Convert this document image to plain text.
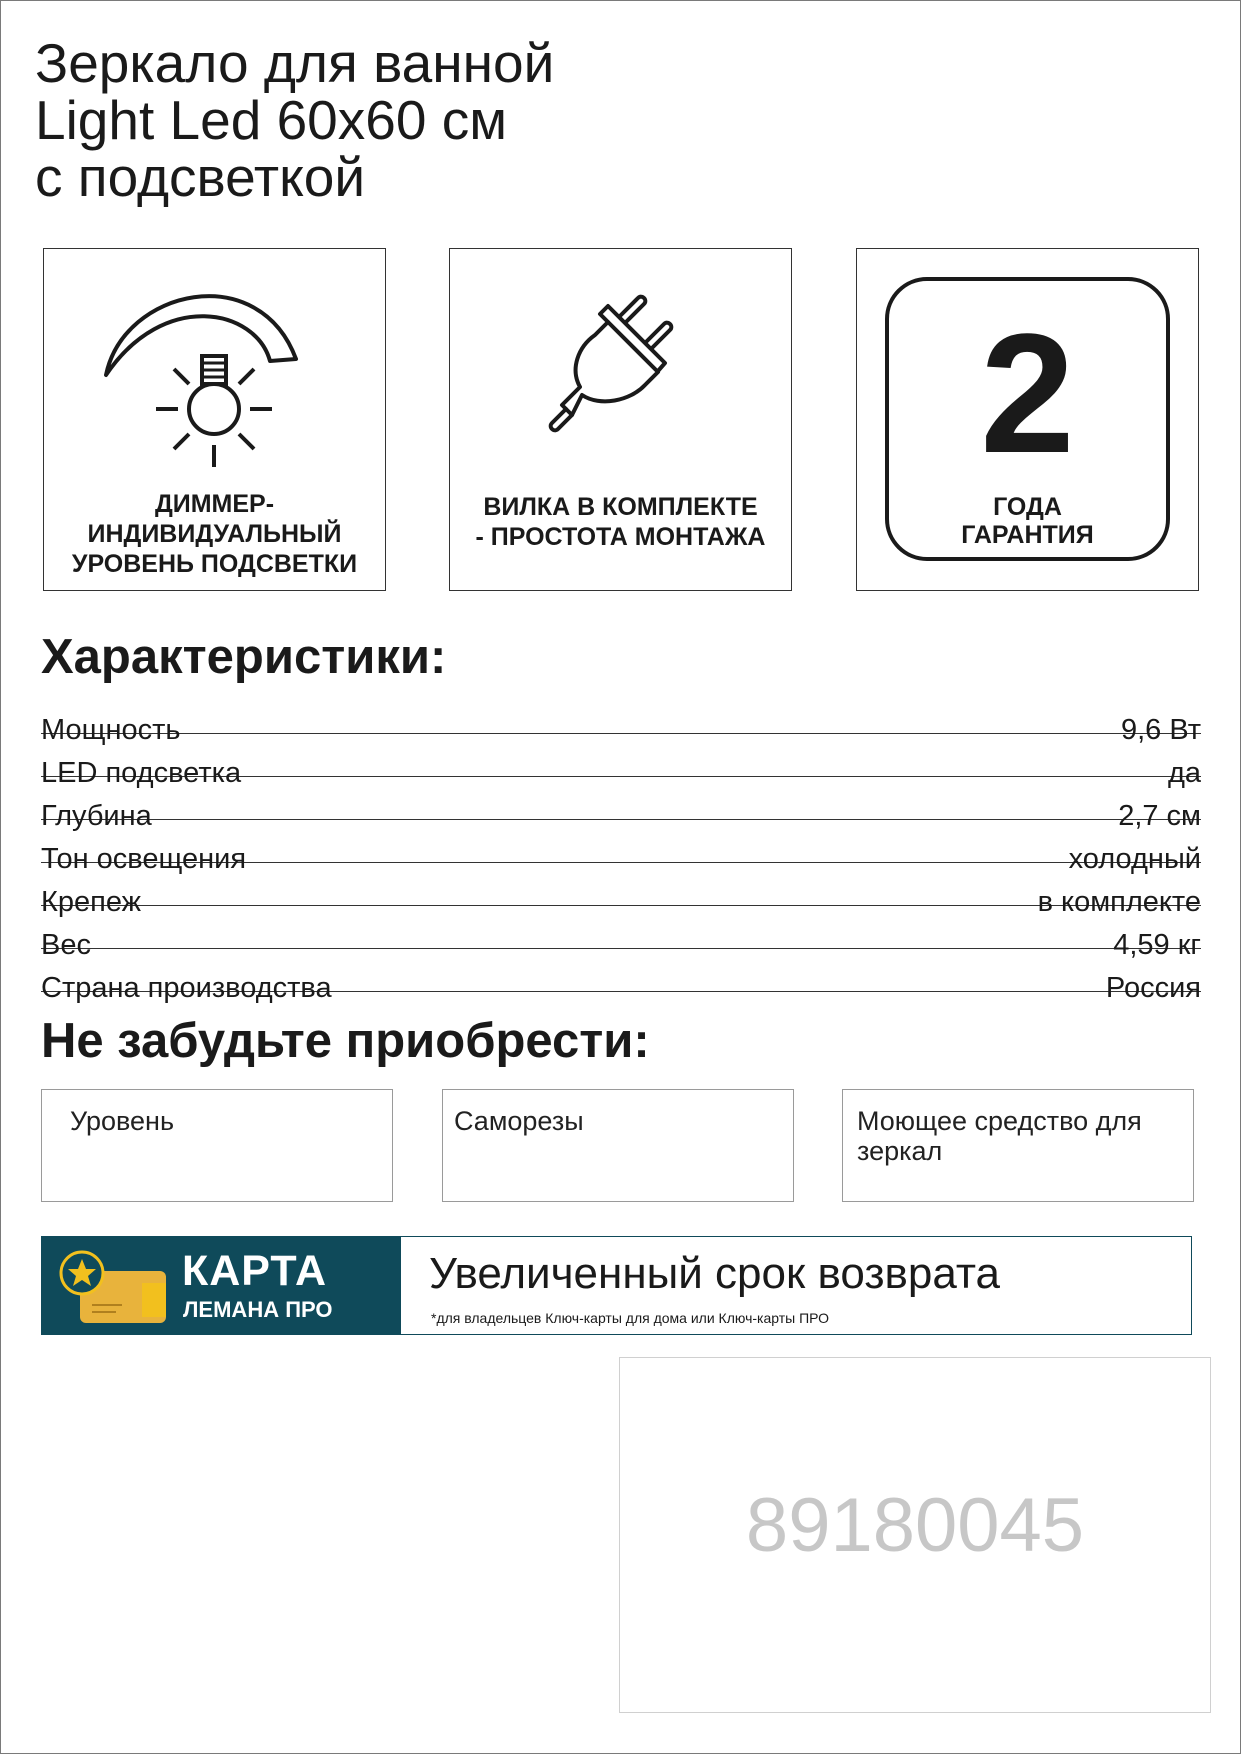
Зеркало для ванной
Light Led 60x60 см
с подсветкой
ДИММЕР-
ИНДИВИДУАЛЬНЫЙ
УРОВЕНЬ ПОДСВЕТКИ
ВИЛКА В КОМПЛЕКТЕ
- ПРОСТОТА МОНТАЖА
2
ГОДА
ГАРАНТИЯ
Характеристики:
Мощность	9,6 Вт
LED подсветка	да
Глубина	2,7 см
Тон освещения	холодный
Крепеж	в комплекте
Вес	4,59 кг
Страна производства	Россия
Не забудьте приобрести:
Уровень	Саморезы	Моющее средство для зеркал
КАРТА
ЛЕМАНА ПРО
Увеличенный срок возврата
*для владельцев Ключ-карты для дома или Ключ-карты ПРО
89180045
